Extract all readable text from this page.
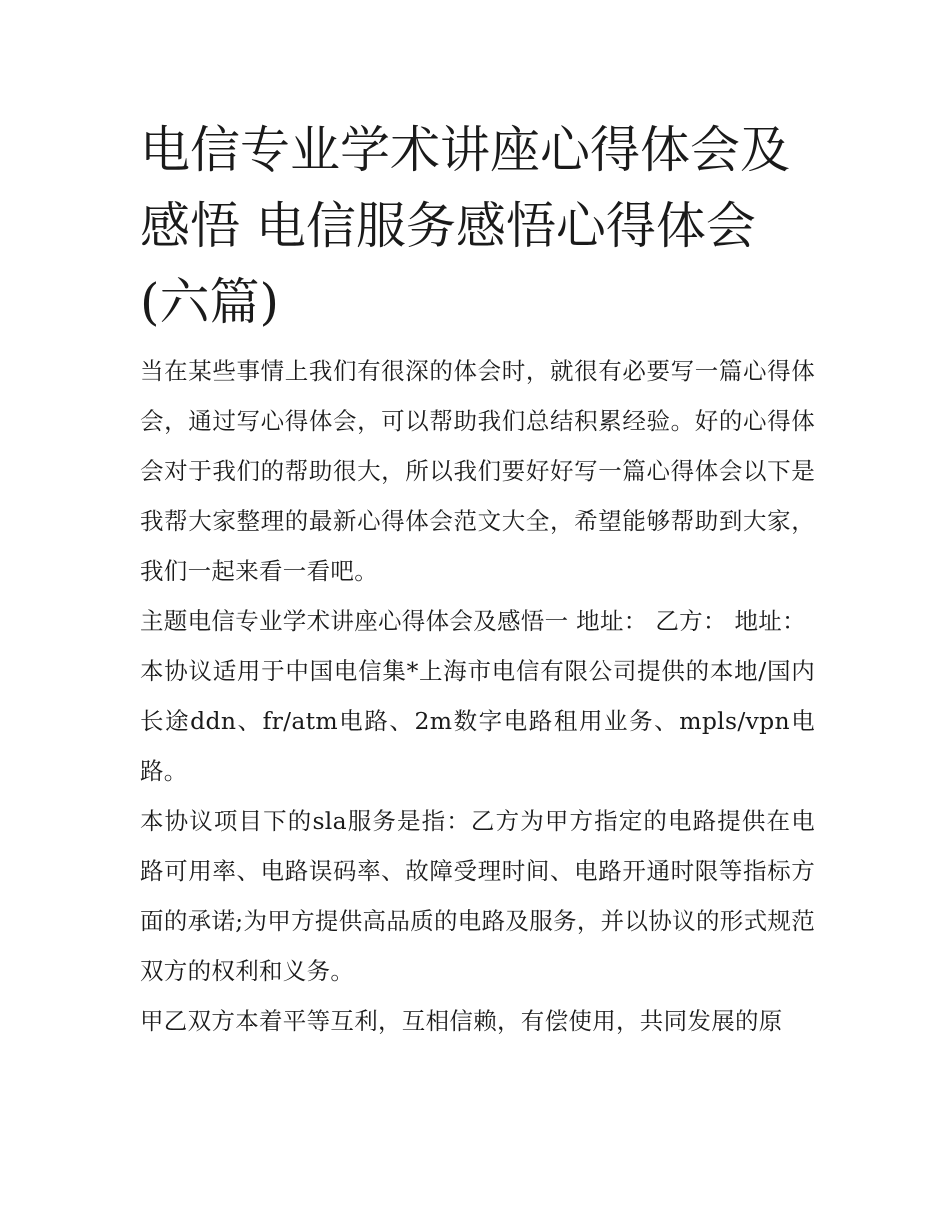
电信专业学术讲座心得体会及感悟 电信服务感悟心得体会(六篇)

当在某些事情上我们有很深的体会时，就很有必要写一篇心得体会，通过写心得体会，可以帮助我们总结积累经验。好的心得体会对于我们的帮助很大，所以我们要好好写一篇心得体会以下是我帮大家整理的最新心得体会范文大全，希望能够帮助到大家，我们一起来看一看吧。

主题电信专业学术讲座心得体会及感悟一 地址： 乙方： 地址：

本协议适用于中国电信集*上海市电信有限公司提供的本地/国内长途ddn、fr/atm电路、2m数字电路租用业务、mpls/vpn电路。

本协议项目下的sla服务是指：乙方为甲方指定的电路提供在电路可用率、电路误码率、故障受理时间、电路开通时限等指标方面的承诺;为甲方提供高品质的电路及服务，并以协议的形式规范双方的权利和义务。

甲乙双方本着平等互利，互相信赖，有偿使用，共同发展的原
